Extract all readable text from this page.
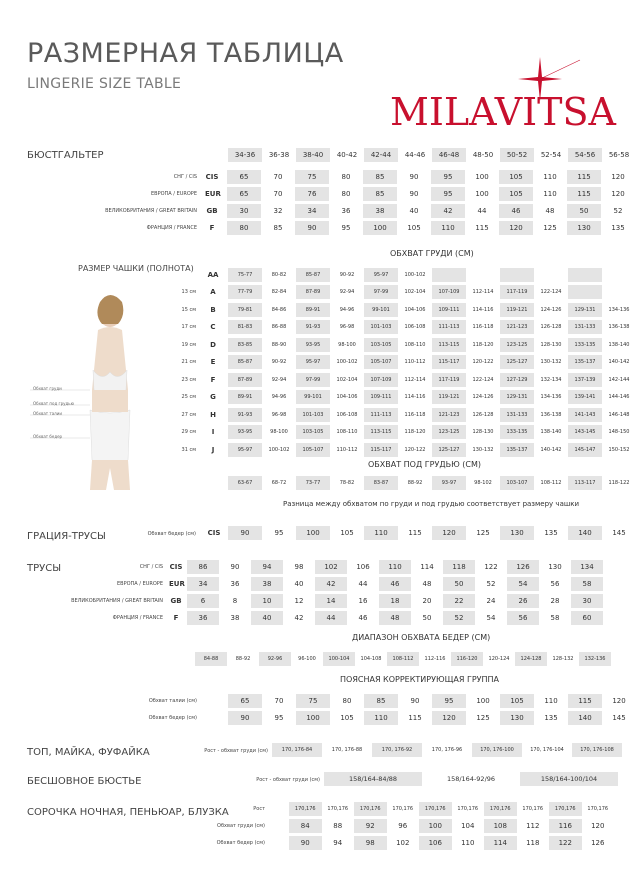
РАЗМЕРНАЯ ТАБЛИЦА
LINGERIE SIZE TABLE
MILAVITSA
БЮСТГАЛЬТЕР	34-36	36-38	38-40	40-42	42-44	44-46	46-48	48-50	50-52	52-54	54-56	56-58
СНГ / CIS CIS	65	70	75	80	85	90	95	100	105	110	115	120
ЕВРОПА / EUROPE EUR	65	70	76	80	85	90	95	100	105	110	115	120
ВЕЛИКОБРИТАНИЯ / GREAT BRITAIN GB	30	32	34	36	38	40	42	44	46	48	50	52
ФРАНЦИЯ / FRANCE	F	80	85	90	95	100	105	110	115	120	125	130	135
ОБХВАТ ГРУДИ (СМ)
РАЗМЕР ЧАШКИ (ПОЛНОТА)
Обхват груди
Обхват под грудью
Обхват талии
Обхват бедер
AA	75-77	80-82	85-87	90-92	95-97	100-102
13 см	A	77-79	82-84	87-89	92-94	97-99	102-104	107-109	112-114	117-119	122-124
15 см	B	79-81	84-86	89-91	94-96	99-101	104-106	109-111	114-116	119-121	124-126	129-131	134-136
17 см	C	81-83	86-88	91-93	96-98	101-103	106-108	111-113	116-118	121-123	126-128	131-133	136-138
19 см	D	83-85	88-90	93-95	98-100	103-105	108-110	113-115	118-120	123-125	128-130	133-135	138-140
21 см	E	85-87	90-92	95-97	100-102	105-107	110-112	115-117	120-122	125-127	130-132	135-137	140-142
23 см	F	87-89	92-94	97-99	102-104	107-109	112-114	117-119	122-124	127-129	132-134	137-139	142-144
25 см	G	89-91	94-96	99-101	104-106	109-111	114-116	119-121	124-126	129-131	134-136	139-141	144-146
27 см	H	91-93	96-98	101-103	106-108	111-113	116-118	121-123	126-128	131-133	136-138	141-143	146-148
29 см	I	93-95	98-100	103-105	108-110	113-115	118-120	123-125	128-130	133-135	138-140	143-145	148-150
31 см	J	95-97	100-102	105-107	110-112	115-117	120-122	125-127	130-132	135-137	140-142	145-147	150-152
ОБХВАТ ПОД ГРУДЬЮ (СМ)
63-67	68-72	73-77	78-82	83-87	88-92	93-97	98-102	103-107	108-112	113-117	118-122
Разница между обхватом по груди и под грудью соответствует размеру чашки
ГРАЦИЯ-ТРУСЫ	Обхват бедер (см) CIS	90	95	100	105	110	115	120	125	130	135	140	145
ТРУСЫ	СНГ / CIS CIS	86	90	94	98	102	106	110	114	118	122	126	130	134
ЕВРОПА / EUROPE EUR	34	36	38	40	42	44	46	48	50	52	54	56	58
ВЕЛИКОБРИТАНИЯ / GREAT BRITAIN GB	6	8	10	12	14	16	18	20	22	24	26	28	30
ФРАНЦИЯ / FRANCE	F	36	38	40	42	44	46	48	50	52	54	56	58	60
ДИАПАЗОН ОБХВАТА БЕДЕР (СМ)
84-88	88-92	92-96	96-100	100-104	104-108	108-112	112-116	116-120	120-124	124-128	128-132	132-136
ПОЯСНАЯ КОРРЕКТИРУЮЩАЯ ГРУППА
Обхват талии (см)	65	70	75	80	85	90	95	100	105	110	115	120
Обхват бедер (см)	90	95	100	105	110	115	120	125	130	135	140	145
ТОП, МАЙКА, ФУФАЙКА	Рост - обхват груди (см)	170, 176-84	170, 176-88	170, 176-92	170, 176-96	170, 176-100	170, 176-104	170, 176-108
БЕСШОВНОЕ БЮСТЬЕ	Рост - обхват груди (см)	158/164-84/88	158/164-92/96	158/164-100/104
СОРОЧКА НОЧНАЯ, ПЕНЬЮАР, БЛУЗКА	Рост	170,176	170,176	170,176	170,176	170,176	170,176	170,176	170,176	170,176	170,176
Обхват груди (см)	84	88	92	96	100	104	108	112	116	120
Обхват бедер (см)	90	94	98	102	106	110	114	118	122	126
